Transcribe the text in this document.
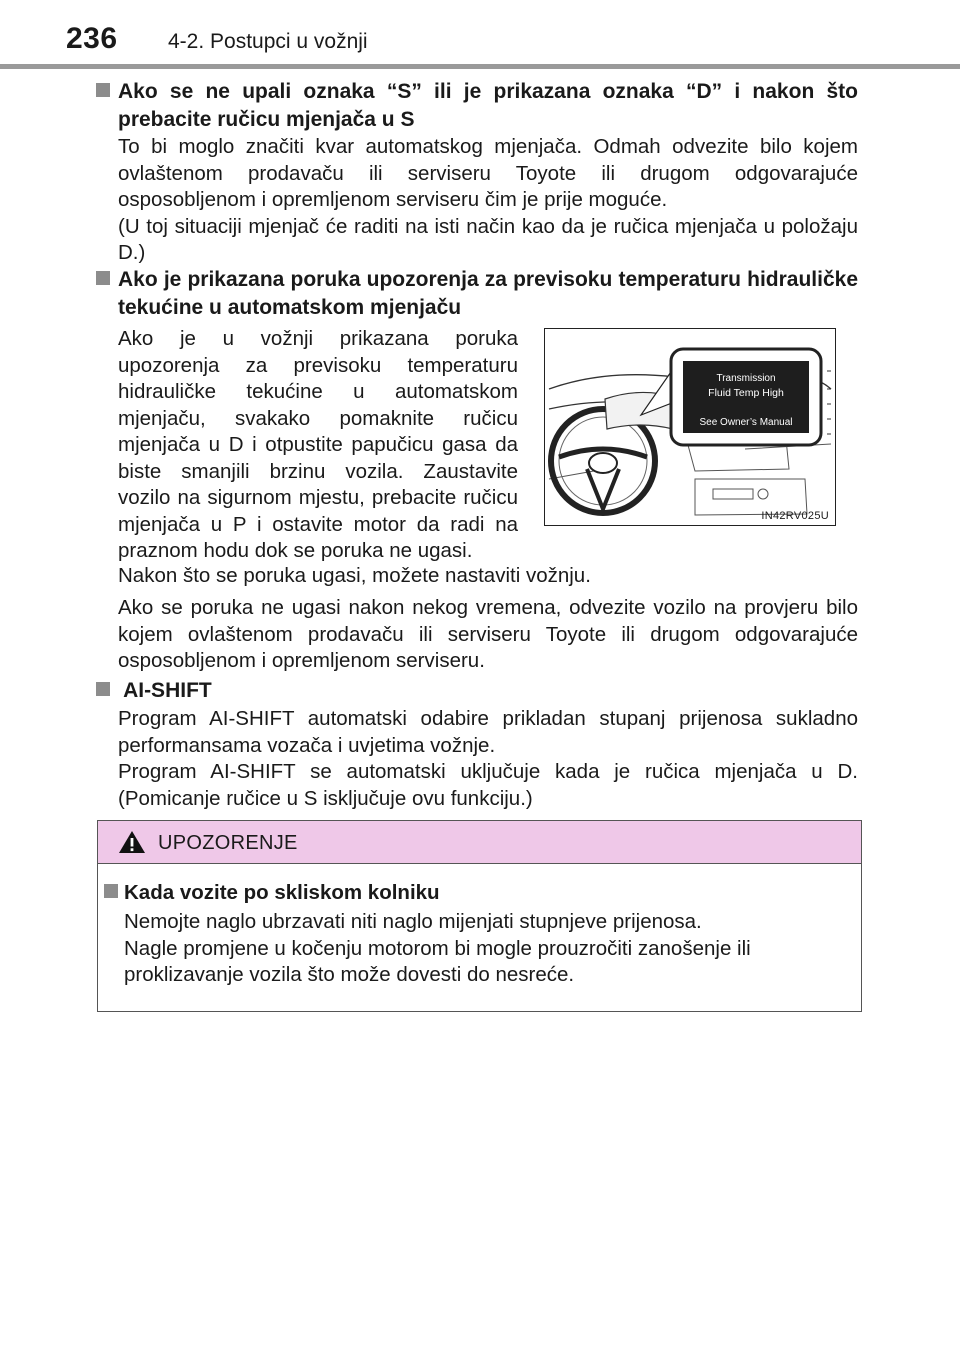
236 4-2. Postupci u vožnji
Ako se ne upali oznaka “S” ili je prikazana oznaka “D” i nakon što prebacite ručicu mjenjača u S
To bi moglo značiti kvar automatskog mjenjača. Odmah odvezite bilo kojem ovlaštenom prodavaču ili serviseru Toyote ili drugom odgovarajuće osposobljenom i opremljenom serviseru čim je prije moguće.
(U toj situaciji mjenjač će raditi na isti način kao da je ručica mjenjača u položaju D.)
Ako je prikazana poruka upozorenja za previsoku temperaturu hidrauličke tekućine u automatskom mjenjaču
Ako je u vožnji prikazana poruka upozorenja za previsoku temperaturu hidrauličke tekućine u automatskom mjenjaču, svakako pomaknite ručicu mjenjača u D i otpustite papučicu gasa da biste smanjili brzinu vozila. Zaustavite vozilo na sigurnom mjestu, prebacite ručicu mjenjača u P i ostavite motor da radi na praznom hodu dok se poruka ne ugasi.
Transmission
Fluid Temp High
See Owner’s Manual
IN42RV025U
Nakon što se poruka ugasi, možete nastaviti vožnju.
Ako se poruka ne ugasi nakon nekog vremena, odvezite vozilo na provjeru bilo kojem ovlaštenom prodavaču ili serviseru Toyote ili drugom odgovarajuće osposobljenom i opremljenom serviseru.
AI-SHIFT
Program AI-SHIFT automatski odabire prikladan stupanj prijenosa sukladno performansama vozača i uvjetima vožnje.
Program AI-SHIFT se automatski uključuje kada je ručica mjenjača u D. (Pomicanje ručice u S isključuje ovu funkciju.)
UPOZORENJE
Kada vozite po skliskom kolniku
Nemojte naglo ubrzavati niti naglo mijenjati stupnjeve prijenosa.
Nagle promjene u kočenju motorom bi mogle prouzročiti zanošenje ili proklizavanje vozila što može dovesti do nesreće.
